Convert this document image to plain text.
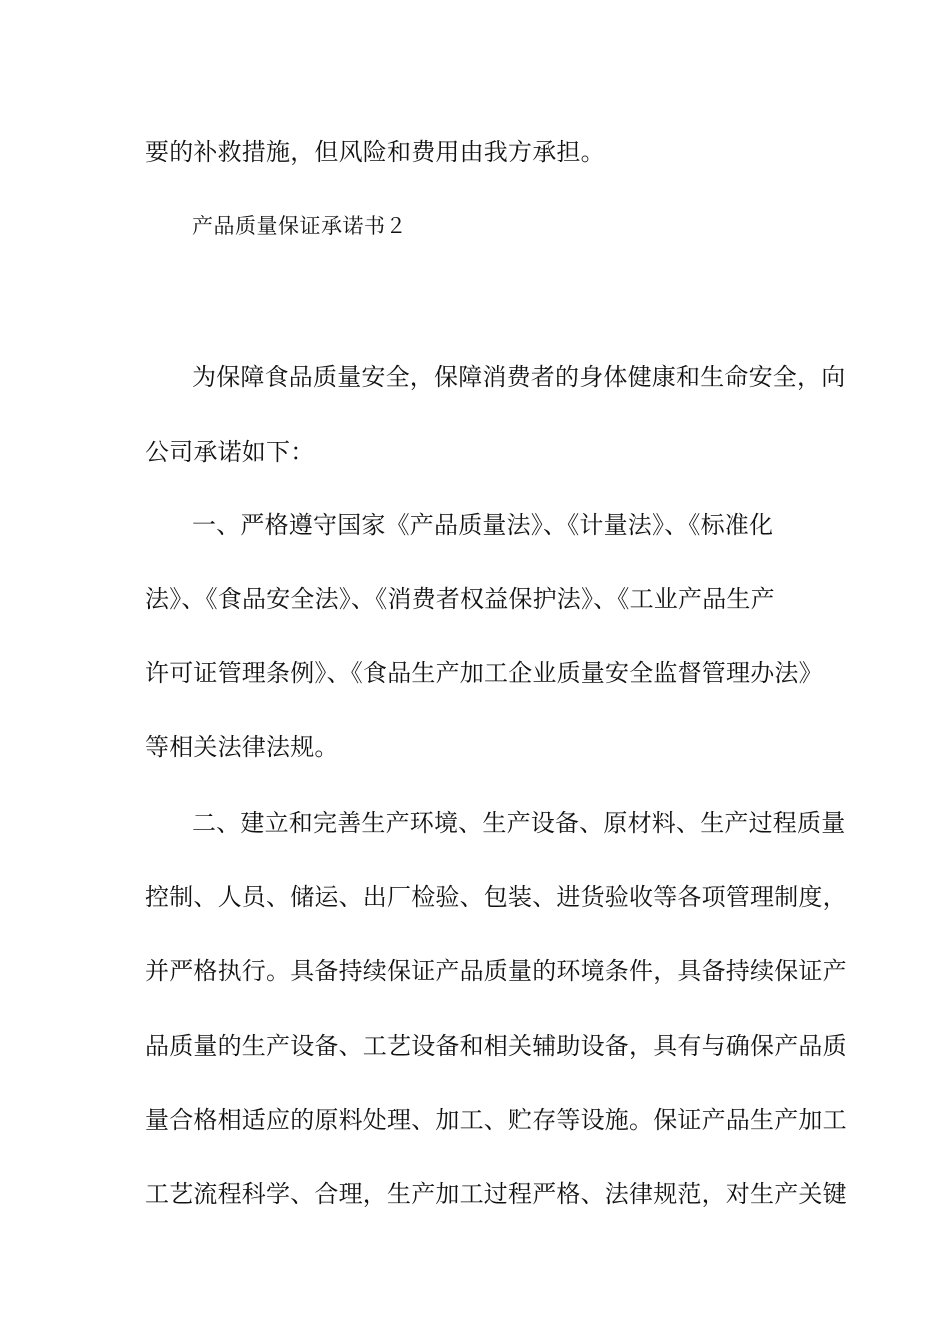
要的补救措施，但风险和费用由我方承担。
产品质量保证承诺书２
为保障食品质量安全，保障消费者的身体健康和生命安全，向
公司承诺如下：
一、严格遵守国家《产品质量法》、《计量法》、《标准化
法》、《食品安全法》、《消费者权益保护法》、《工业产品生产
许可证管理条例》、《食品生产加工企业质量安全监督管理办法》
等相关法律法规。
二、建立和完善生产环境、生产设备、原材料、生产过程质量
控制、人员、储运、出厂检验、包装、进货验收等各项管理制度，
并严格执行。具备持续保证产品质量的环境条件，具备持续保证产
品质量的生产设备、工艺设备和相关辅助设备，具有与确保产品质
量合格相适应的原料处理、加工、贮存等设施。保证产品生产加工
工艺流程科学、合理，生产加工过程严格、法律规范，对生产关键
